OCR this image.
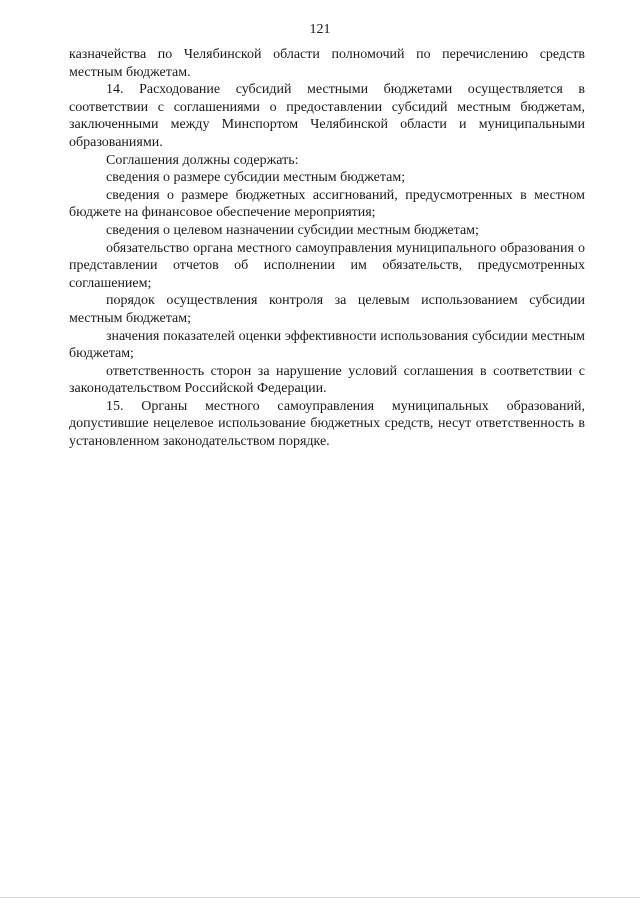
121

казначейства по Челябинской области полномочий по перечислению средств местным бюджетам.

14. Расходование субсидий местными бюджетами осуществляется в соответствии с соглашениями о предоставлении субсидий местным бюджетам, заключенными между Минспортом Челябинской области и муниципальными образованиями.

Соглашения должны содержать:

сведения о размере субсидии местным бюджетам;

сведения о размере бюджетных ассигнований, предусмотренных в местном бюджете на финансовое обеспечение мероприятия;

сведения о целевом назначении субсидии местным бюджетам;

обязательство органа местного самоуправления муниципального образования о представлении отчетов об исполнении им обязательств, предусмотренных соглашением;

порядок осуществления контроля за целевым использованием субсидии местным бюджетам;

значения показателей оценки эффективности использования субсидии местным бюджетам;

ответственность сторон за нарушение условий соглашения в соответствии с законодательством Российской Федерации.

15. Органы местного самоуправления муниципальных образований, допустившие нецелевое использование бюджетных средств, несут ответственность в установленном законодательством порядке.
